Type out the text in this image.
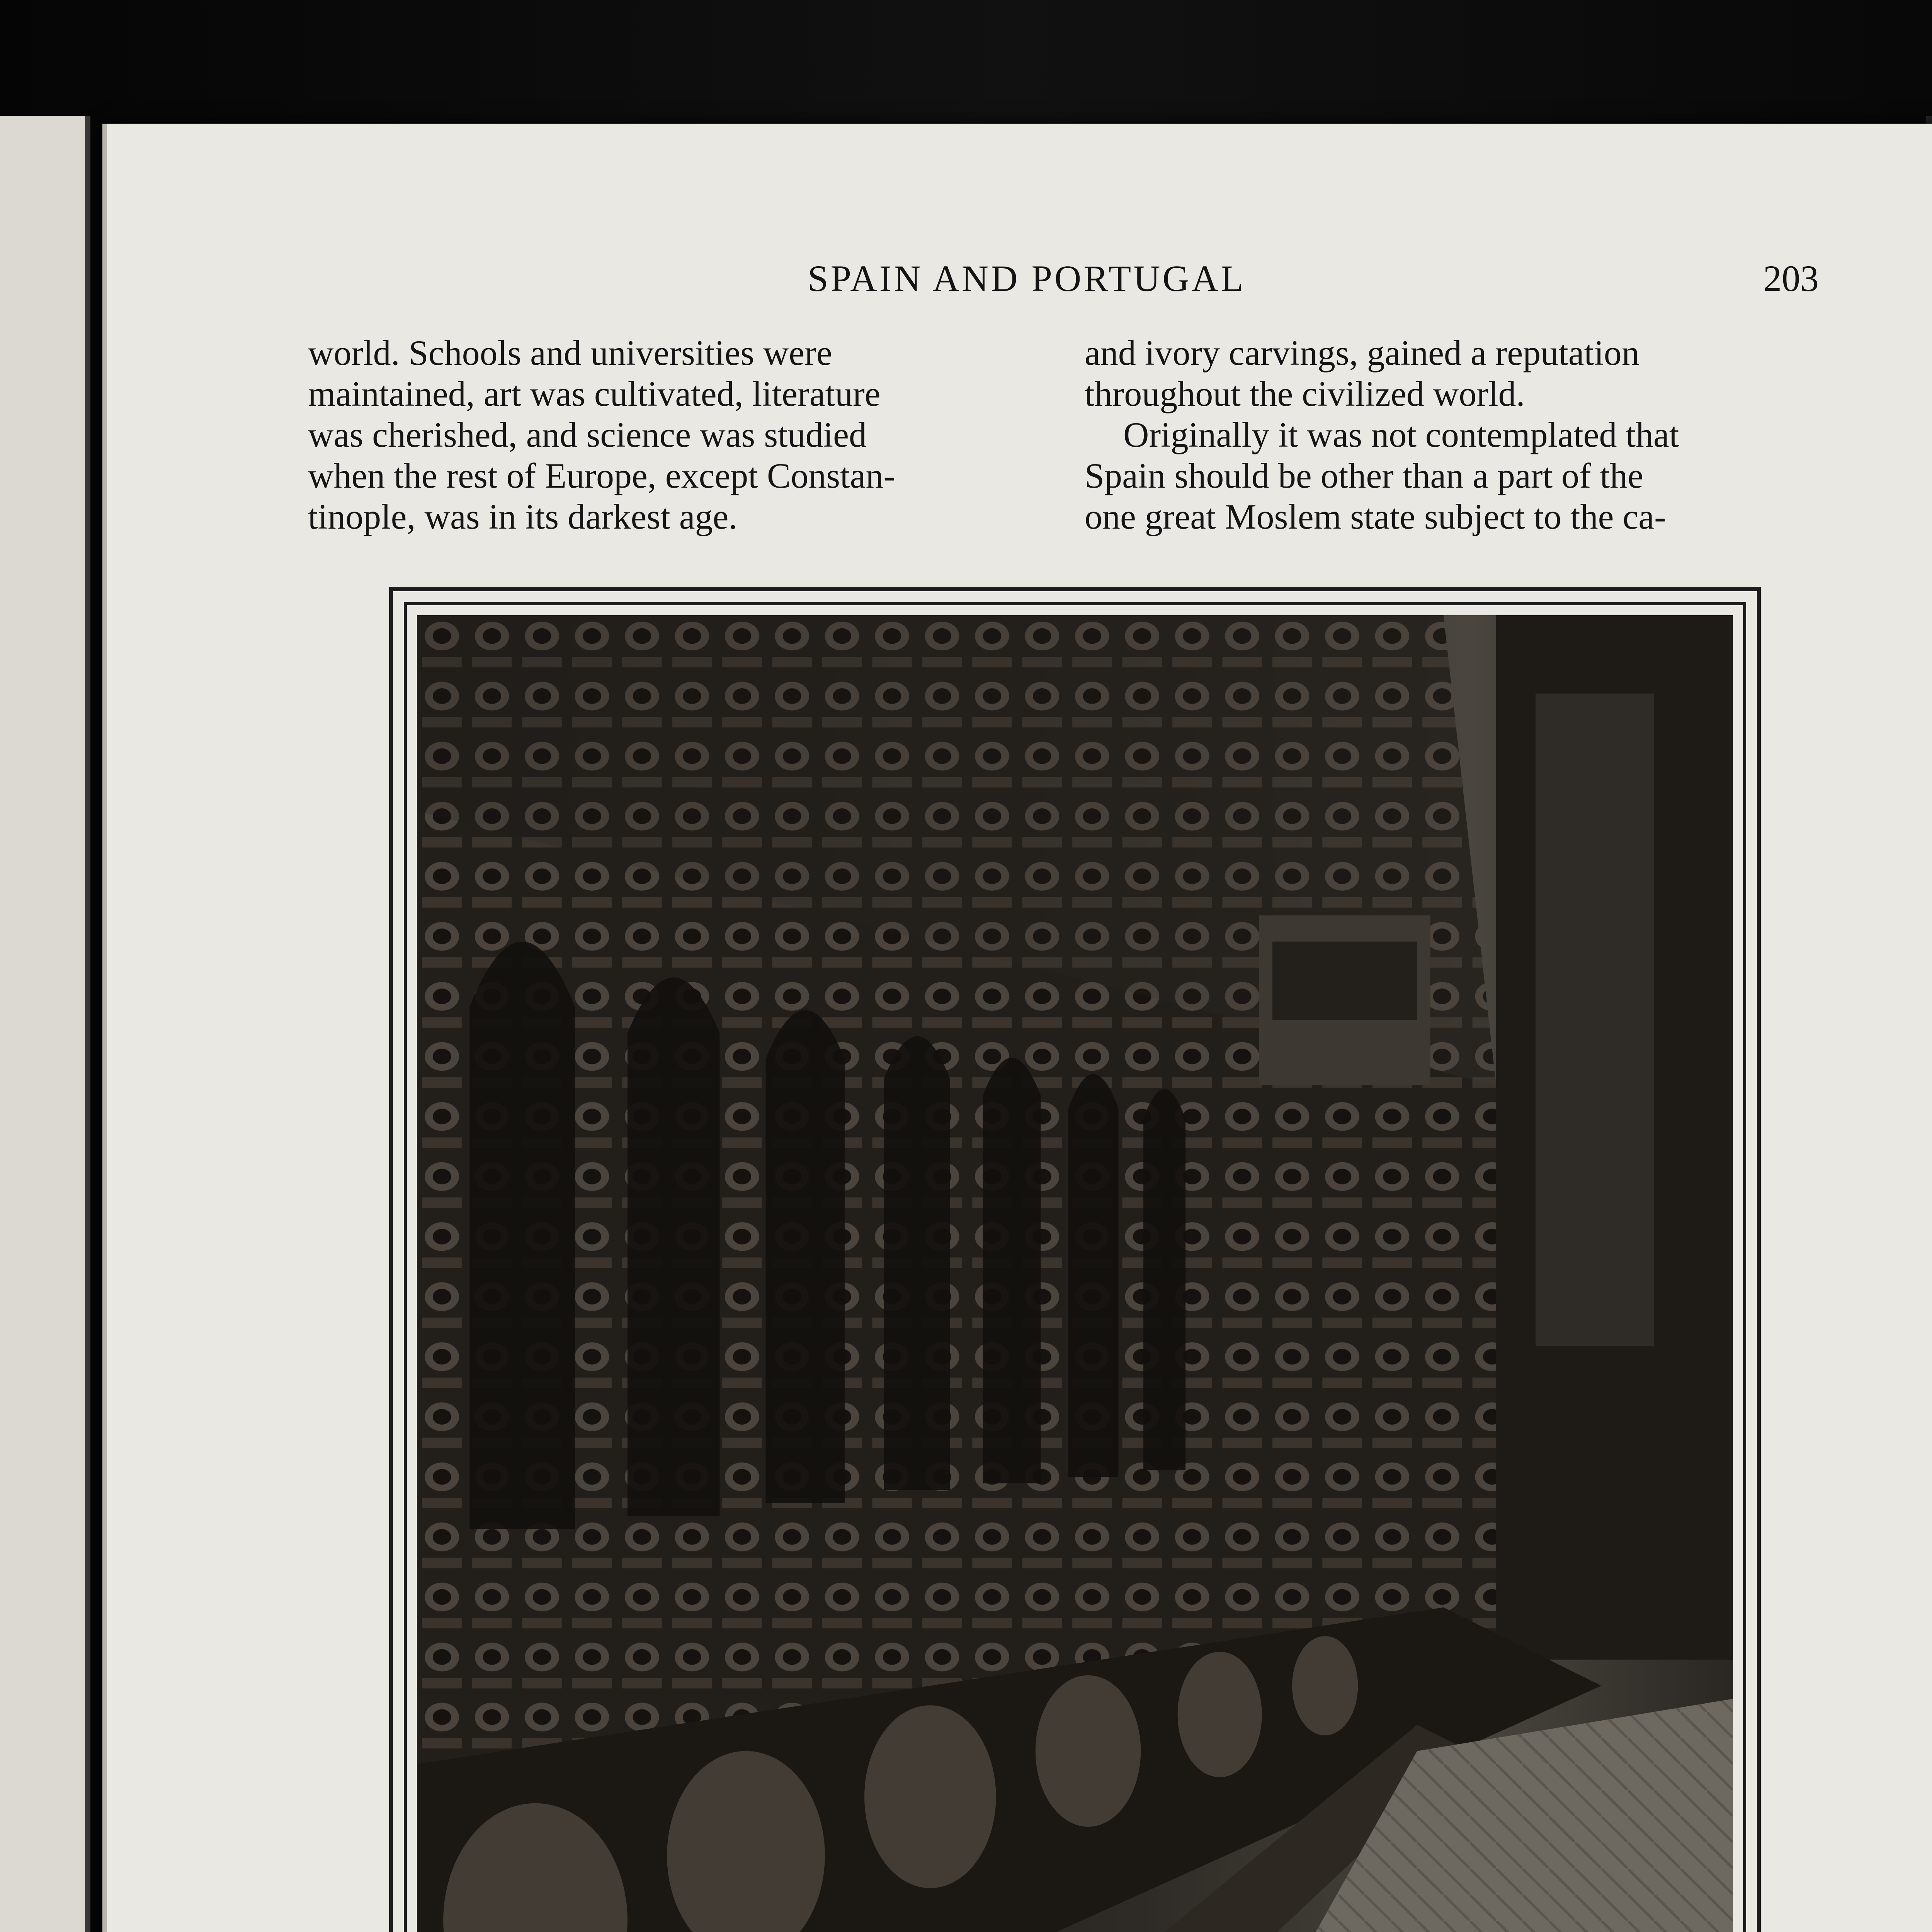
SPAIN AND PORTUGAL	203

world. Schools and universities were

maintained, art was cultivated, literature

was cherished, and science was studied

when the rest of Europe, except Constan-

tinople, was in its darkest age.

and ivory carvings, gained a reputation

throughout the civilized world.

Originally it was not contemplated that

Spain should be other than a part of the

one great Moslem state subject to the ca-
